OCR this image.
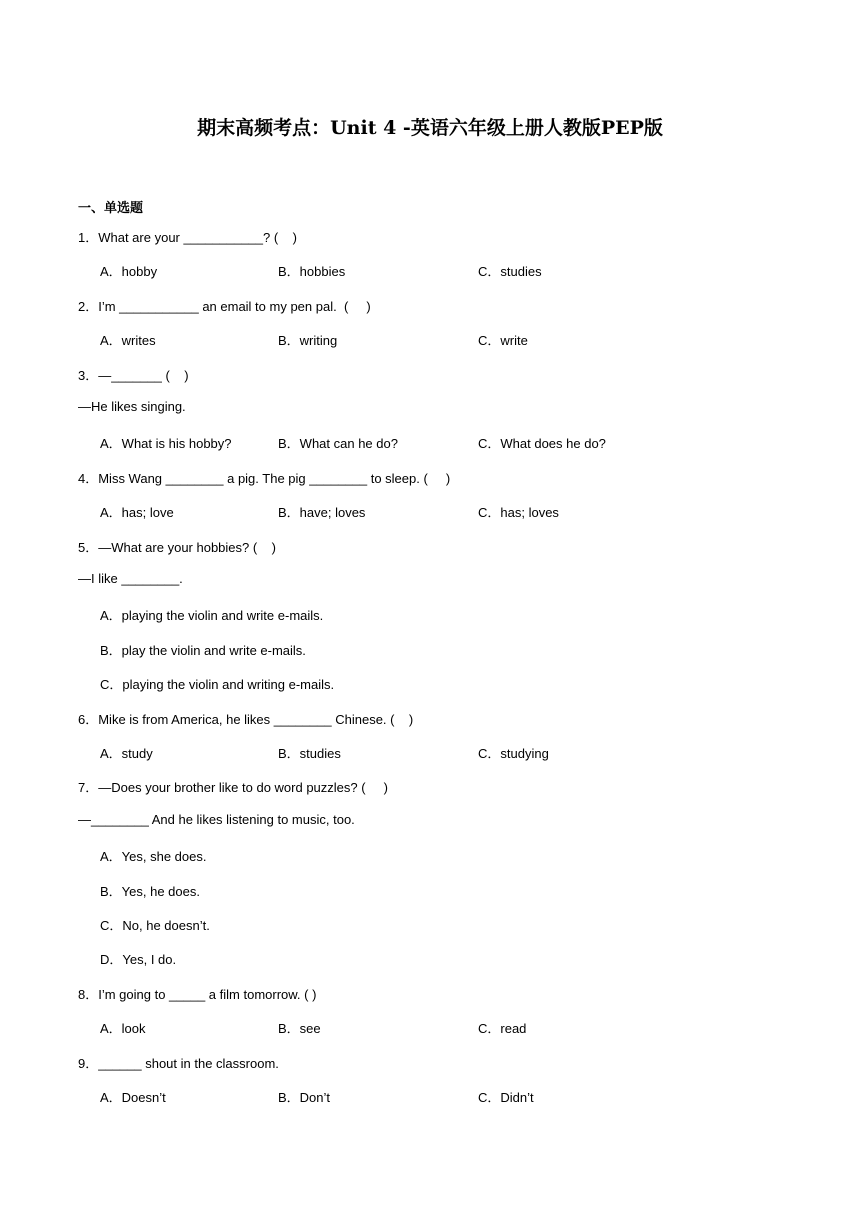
期末高频考点：Unit 4 -英语六年级上册人教版PEP版
一、单选题
1．What are your ___________? (    )
A．hobby	B．hobbies	C．studies
2．I’m ___________ an email to my pen pal.  (     )
A．writes	B．writing	C．write
3．—_______ (    )
—He likes singing.
A．What is his hobby?	B．What can he do?	C．What does he do?
4．Miss Wang ________ a pig. The pig ________ to sleep. (     )
A．has; love	B．have; loves	C．has; loves
5．—What are your hobbies? (    )
—I like ________.
A．playing the violin and write e-mails.
B．play the violin and write e-mails.
C．playing the violin and writing e-mails.
6．Mike is from America, he likes ________ Chinese. (    )
A．study	B．studies	C．studying
7．—Does your brother like to do word puzzles? (     )
—________ And he likes listening to music, too.
A．Yes, she does.
B．Yes, he does.
C．No, he doesn’t.
D．Yes, I do.
8．I’m going to _____ a film tomorrow. ( )
A．look	B．see	C．read
9．______ shout in the classroom.
A．Doesn’t	B．Don’t	C．Didn’t
